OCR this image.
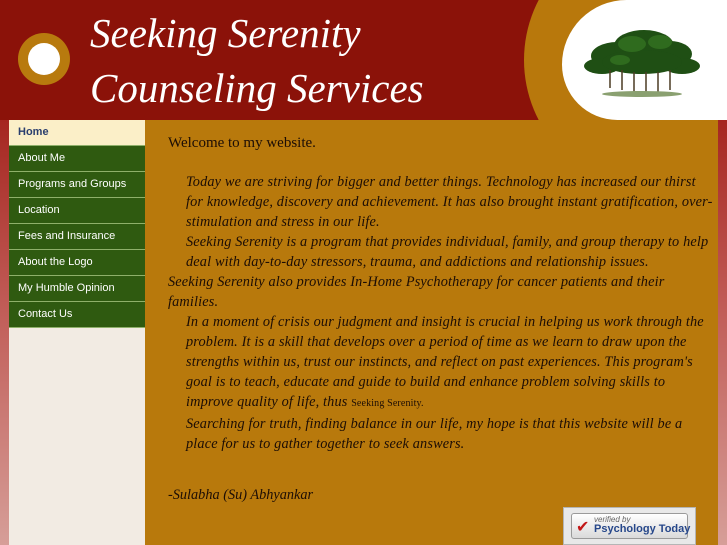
Seeking Serenity
Counseling Services
Home
About Me
Programs and Groups
Location
Fees and Insurance
About the Logo
My Humble Opinion
Contact Us
Welcome to my website.

Today we are striving for bigger and better things. Technology has increased our thirst for knowledge, discovery and achievement. It has also brought instant gratification, over-stimulation and stress in our life.

Seeking Serenity is a program that provides individual, family, and group therapy to help deal with day-to-day stressors, trauma, and addictions and relationship issues.

Seeking Serenity also provides In-Home Psychotherapy for cancer patients and their families.

In a moment of crisis our judgment and insight is crucial in helping us work through the problem. It is a skill that develops over a period of time as we learn to draw upon the strengths within us, trust our instincts, and reflect on past experiences. This program's goal is to teach, educate and guide to build and enhance problem solving skills to improve quality of life, thus Seeking Serenity.

Searching for truth, finding balance in our life, my hope is that this website will be a place for us to gather together to seek answers.

-Sulabha (Su) Abhyankar
✔ verified by
Psychology Today
